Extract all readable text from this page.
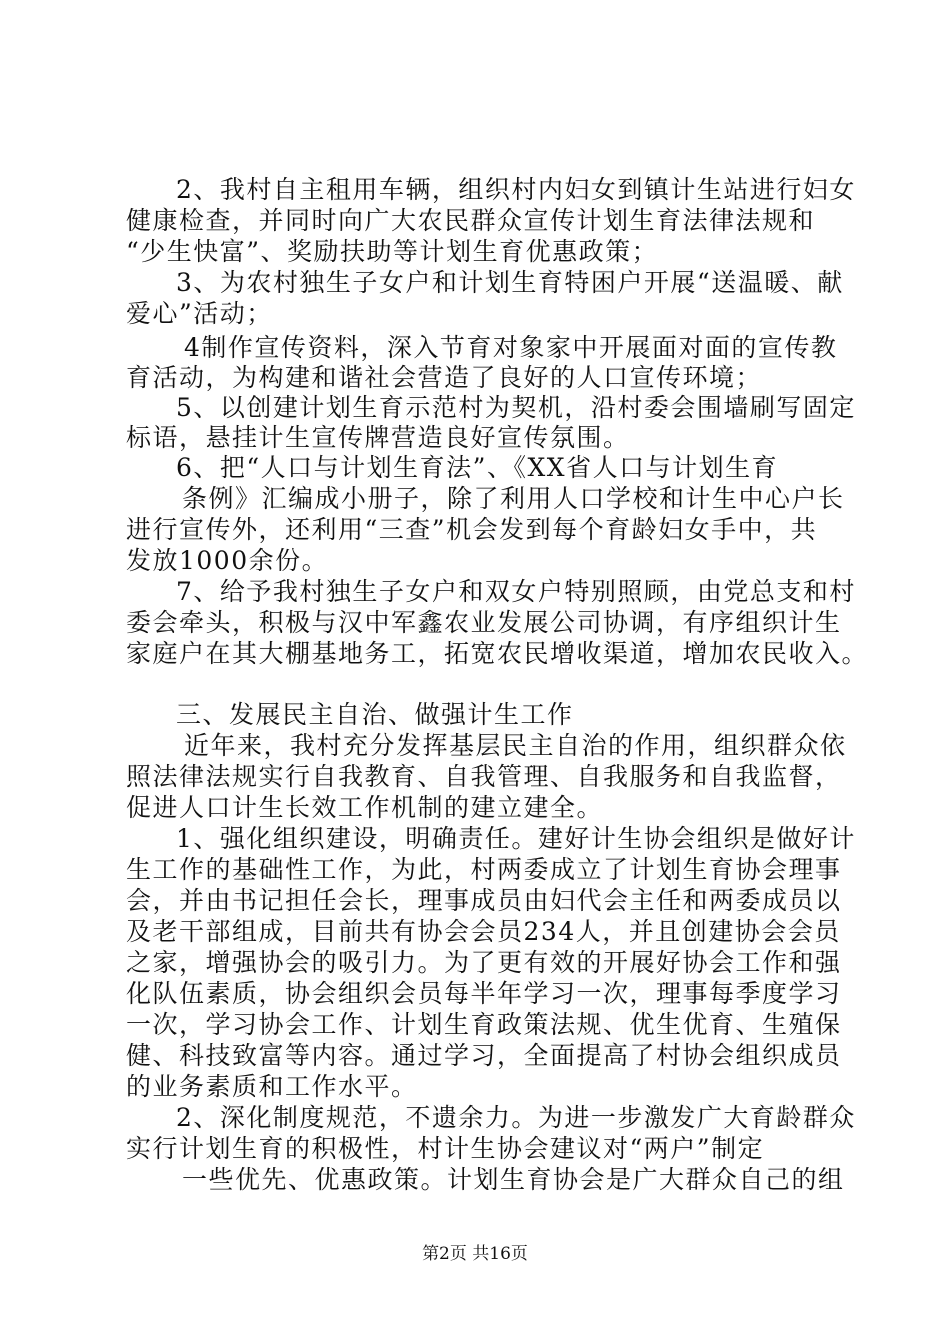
2、我村自主租用车辆，组织村内妇女到镇计生站进行妇女
健康检查，并同时向广大农民群众宣传计划生育法律法规和
“少生快富”、奖励扶助等计划生育优惠政策；
3、为农村独生子女户和计划生育特困户开展“送温暖、献
爱心”活动；
4制作宣传资料，深入节育对象家中开展面对面的宣传教
育活动，为构建和谐社会营造了良好的人口宣传环境；
5、以创建计划生育示范村为契机，沿村委会围墙刷写固定
标语，悬挂计生宣传牌营造良好宣传氛围。
6、把“人口与计划生育法”、《XX省人口与计划生育
条例》汇编成小册子，除了利用人口学校和计生中心户长
进行宣传外，还利用“三查”机会发到每个育龄妇女手中，共
发放1000余份。
7、给予我村独生子女户和双女户特别照顾，由党总支和村
委会牵头，积极与汉中军鑫农业发展公司协调，有序组织计生
家庭户在其大棚基地务工，拓宽农民增收渠道，增加农民收入。
三、发展民主自治、做强计生工作
近年来，我村充分发挥基层民主自治的作用，组织群众依
照法律法规实行自我教育、自我管理、自我服务和自我监督，
促进人口计生长效工作机制的建立建全。
1、强化组织建设，明确责任。建好计生协会组织是做好计
生工作的基础性工作，为此，村两委成立了计划生育协会理事
会，并由书记担任会长，理事成员由妇代会主任和两委成员以
及老干部组成，目前共有协会会员234人，并且创建协会会员
之家，增强协会的吸引力。为了更有效的开展好协会工作和强
化队伍素质，协会组织会员每半年学习一次，理事每季度学习
一次，学习协会工作、计划生育政策法规、优生优育、生殖保
健、科技致富等内容。通过学习，全面提高了村协会组织成员
的业务素质和工作水平。
2、深化制度规范，不遗余力。为进一步激发广大育龄群众
实行计划生育的积极性，村计生协会建议对“两户”制定
一些优先、优惠政策。计划生育协会是广大群众自己的组
第2页 共16页
